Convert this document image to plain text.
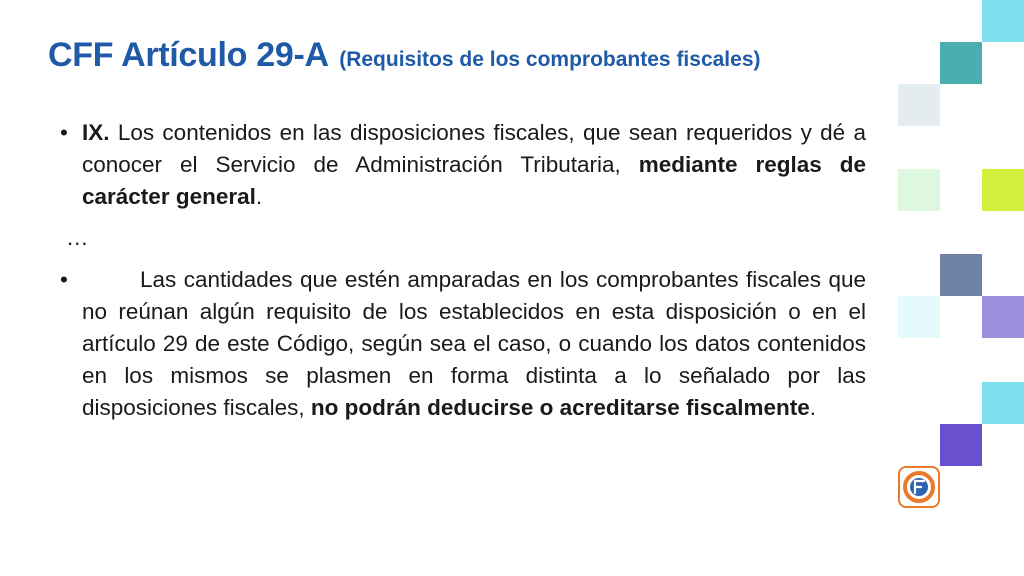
CFF Artículo 29-A (Requisitos de los comprobantes fiscales)
• IX. Los contenidos en las disposiciones fiscales, que sean requeridos y dé a conocer el Servicio de Administración Tributaria, mediante reglas de carácter general.
…
•	Las cantidades que estén amparadas en los comprobantes fiscales que no reúnan algún requisito de los establecidos en esta disposición o en el artículo 29 de este Código, según sea el caso, o cuando los datos contenidos en los mismos se plasmen en forma distinta a lo señalado por las disposiciones fiscales, no podrán deducirse o acreditarse fiscalmente.
